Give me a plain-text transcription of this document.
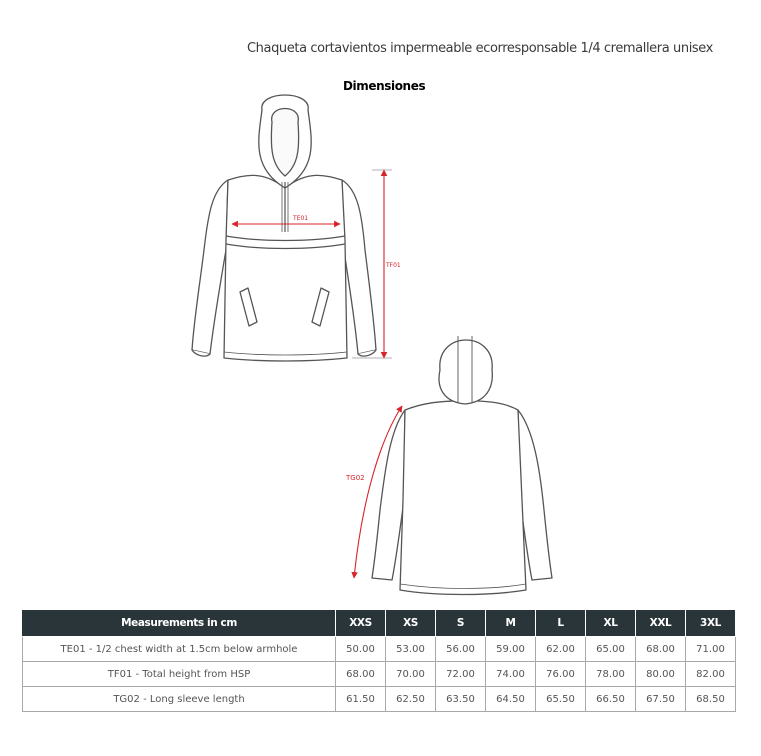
Chaqueta cortavientos impermeable ecorresponsable 1/4 cremallera unisex
Dimensiones
TE01
TF01
TG02
Measurements in cm	XXS	XS	S	M	L	XL	XXL	3XL
TE01 - 1/2 chest width at 1.5cm below armhole	50.00	53.00	56.00	59.00	62.00	65.00	68.00	71.00
TF01 - Total height from HSP	68.00	70.00	72.00	74.00	76.00	78.00	80.00	82.00
TG02 - Long sleeve length	61.50	62.50	63.50	64.50	65.50	66.50	67.50	68.50
